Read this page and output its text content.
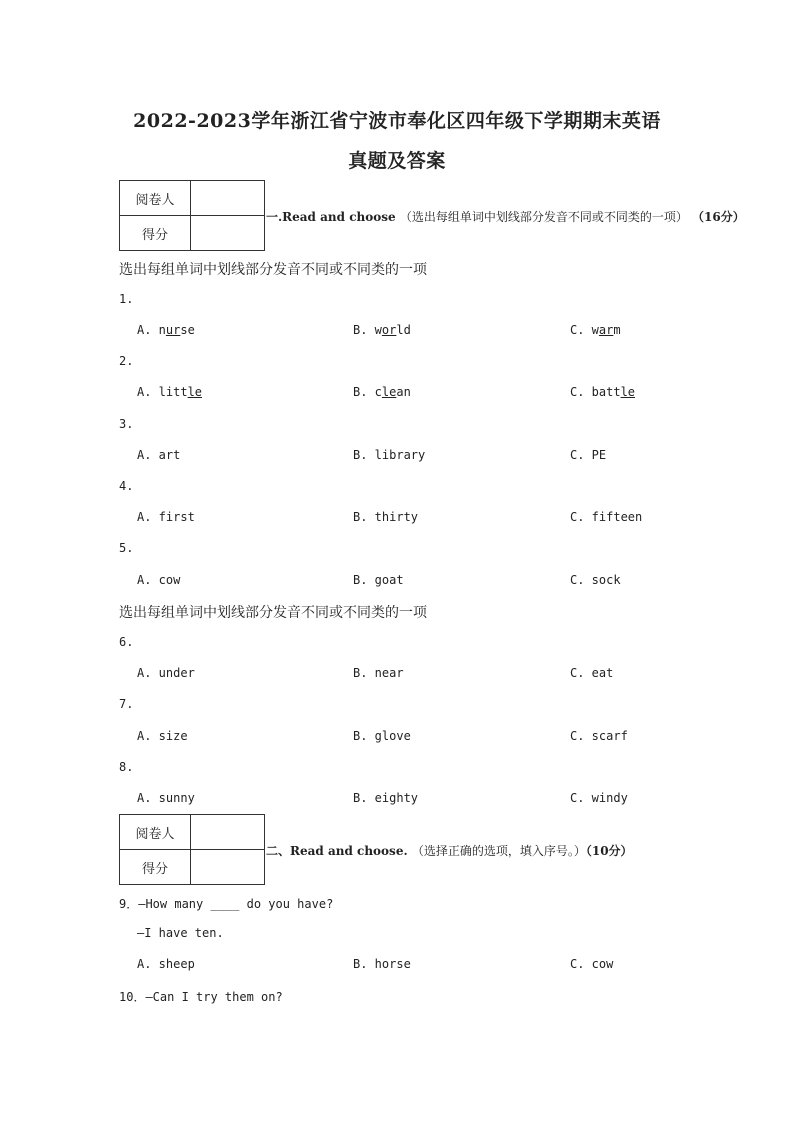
2022-2023学年浙江省宁波市奉化区四年级下学期期末英语
真题及答案
阅卷人	
得分	
一.Read and choose （选出每组单词中划线部分发音不同或不同类的一项） （16分）
选出每组单词中划线部分发音不同或不同类的一项
1.
A. nurse	B. world	C. warm
2.
A. little	B. clean	C. battle
3.
A. art	B. library	C. PE
4.
A. first	B. thirty	C. fifteen
5.
A. cow	B. goat	C. sock
选出每组单词中划线部分发音不同或不同类的一项
6.
A. under	B. near	C. eat
7.
A. size	B. glove	C. scarf
8.
A. sunny	B. eighty	C. windy
阅卷人	
得分	
二、Read and choose. （选择正确的选项，填入序号。）（10分）
9．—How many ____ do you have?
—I have ten.
A. sheep	B. horse	C. cow
10．—Can I try them on?
